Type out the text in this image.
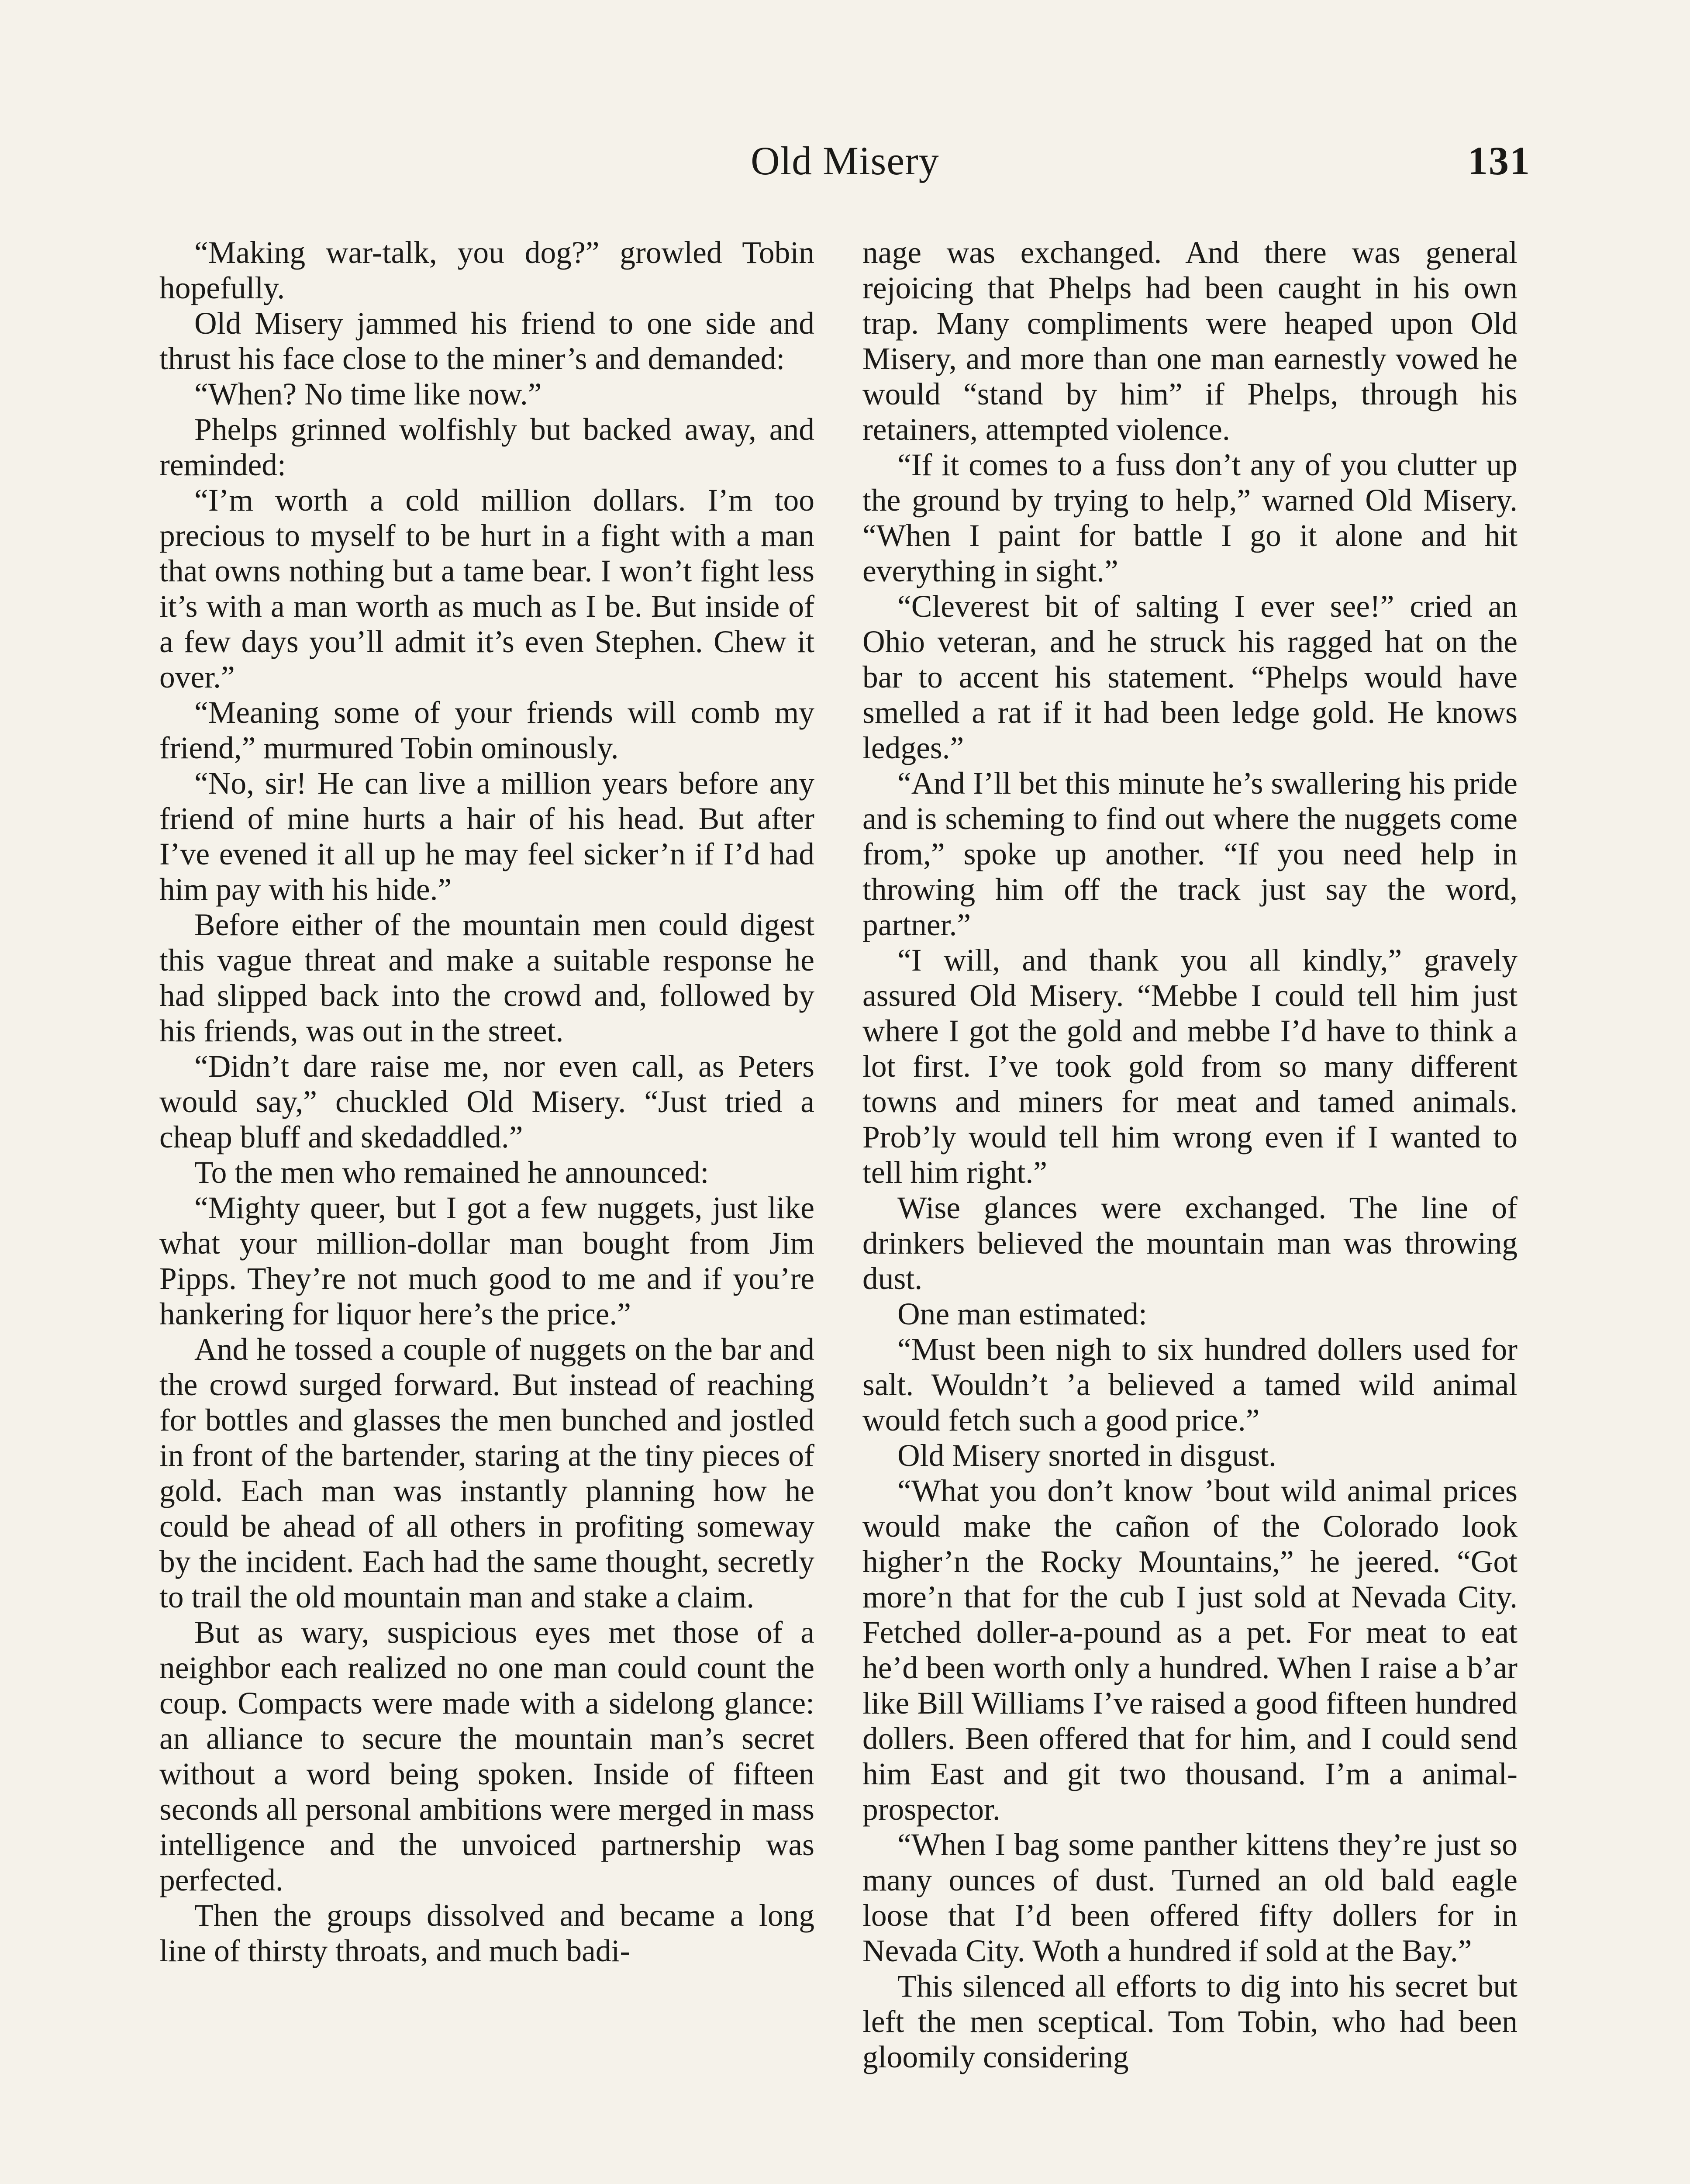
Old Misery	131

“Making war-talk, you dog?” growled Tobin hopefully.

Old Misery jammed his friend to one side and thrust his face close to the miner’s and demanded:

“When? No time like now.”

Phelps grinned wolfishly but backed away, and reminded:

“I’m worth a cold million dollars. I’m too precious to myself to be hurt in a fight with a man that owns nothing but a tame bear. I won’t fight less it’s with a man worth as much as I be. But inside of a few days you’ll admit it’s even Stephen. Chew it over.”

“Meaning some of your friends will comb my friend,” murmured Tobin ominously.

“No, sir! He can live a million years before any friend of mine hurts a hair of his head. But after I’ve evened it all up he may feel sicker’n if I’d had him pay with his hide.”

Before either of the mountain men could digest this vague threat and make a suitable response he had slipped back into the crowd and, followed by his friends, was out in the street.

“Didn’t dare raise me, nor even call, as Peters would say,” chuckled Old Misery. “Just tried a cheap bluff and skedaddled.”

To the men who remained he announced:

“Mighty queer, but I got a few nuggets, just like what your million-dollar man bought from Jim Pipps. They’re not much good to me and if you’re hankering for liquor here’s the price.”

And he tossed a couple of nuggets on the bar and the crowd surged forward. But instead of reaching for bottles and glasses the men bunched and jostled in front of the bartender, staring at the tiny pieces of gold. Each man was instantly planning how he could be ahead of all others in profiting someway by the incident. Each had the same thought, secretly to trail the old mountain man and stake a claim.

But as wary, suspicious eyes met those of a neighbor each realized no one man could count the coup. Compacts were made with a sidelong glance: an alliance to secure the mountain man’s secret without a word being spoken. Inside of fifteen seconds all personal ambitions were merged in mass intelligence and the unvoiced partnership was perfected.

Then the groups dissolved and became a long line of thirsty throats, and much badi-

nage was exchanged. And there was general rejoicing that Phelps had been caught in his own trap. Many compliments were heaped upon Old Misery, and more than one man earnestly vowed he would “stand by him” if Phelps, through his retainers, attempted violence.

“If it comes to a fuss don’t any of you clutter up the ground by trying to help,” warned Old Misery. “When I paint for battle I go it alone and hit everything in sight.”

“Cleverest bit of salting I ever see!” cried an Ohio veteran, and he struck his ragged hat on the bar to accent his statement. “Phelps would have smelled a rat if it had been ledge gold. He knows ledges.”

“And I’ll bet this minute he’s swallering his pride and is scheming to find out where the nuggets come from,” spoke up another. “If you need help in throwing him off the track just say the word, partner.”

“I will, and thank you all kindly,” gravely assured Old Misery. “Mebbe I could tell him just where I got the gold and mebbe I’d have to think a lot first. I’ve took gold from so many different towns and miners for meat and tamed animals. Prob’ly would tell him wrong even if I wanted to tell him right.”

Wise glances were exchanged. The line of drinkers believed the mountain man was throwing dust.

One man estimated:

“Must been nigh to six hundred dollers used for salt. Wouldn’t ’a believed a tamed wild animal would fetch such a good price.”

Old Misery snorted in disgust.

“What you don’t know ’bout wild animal prices would make the cañon of the Colorado look higher’n the Rocky Mountains,” he jeered. “Got more’n that for the cub I just sold at Nevada City. Fetched doller-a-pound as a pet. For meat to eat he’d been worth only a hundred. When I raise a b’ar like Bill Williams I’ve raised a good fifteen hundred dollers. Been offered that for him, and I could send him East and git two thousand. I’m a animal-prospector.

“When I bag some panther kittens they’re just so many ounces of dust. Turned an old bald eagle loose that I’d been offered fifty dollers for in Nevada City. Woth a hundred if sold at the Bay.”

This silenced all efforts to dig into his secret but left the men sceptical. Tom Tobin, who had been gloomily considering
